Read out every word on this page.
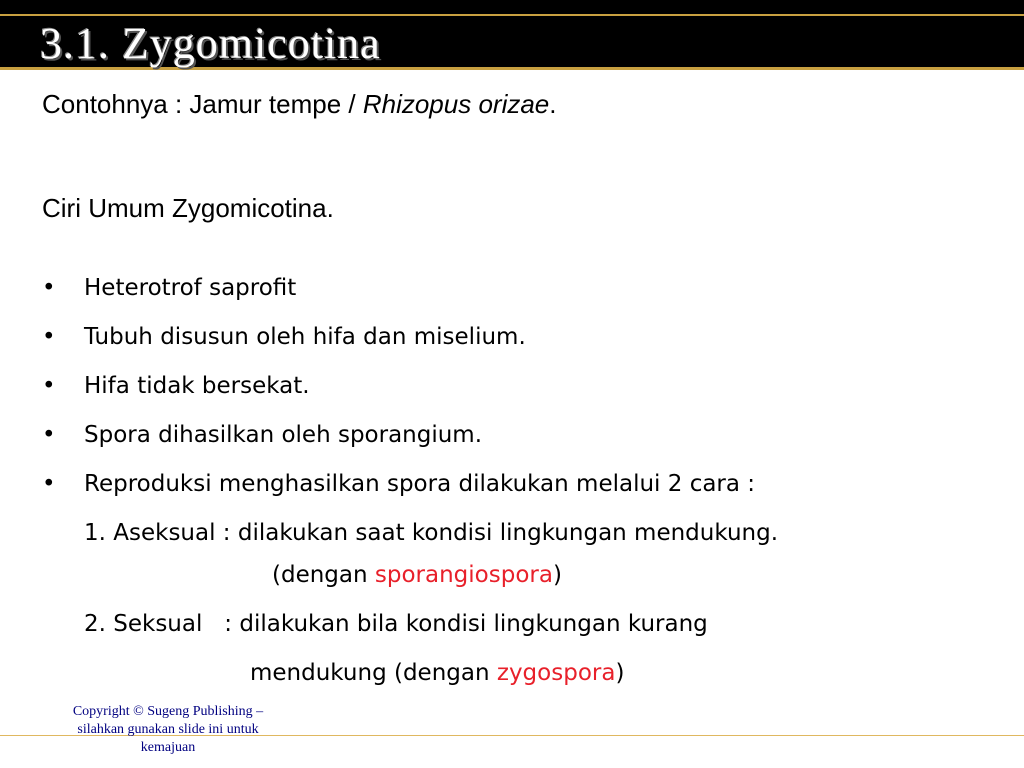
3.1. Zygomicotina
Contohnya : Jamur tempe / Rhizopus orizae.
Ciri Umum Zygomicotina.
• Heterotrof saprofit
• Tubuh disusun oleh hifa dan miselium.
• Hifa tidak bersekat.
• Spora dihasilkan oleh sporangium.
• Reproduksi menghasilkan spora dilakukan melalui 2 cara :
1. Aseksual : dilakukan saat kondisi lingkungan mendukung.
(dengan sporangiospora)
2. Seksual   : dilakukan bila kondisi lingkungan kurang
mendukung (dengan zygospora)
Copyright © Sugeng Publishing – silahkan gunakan slide ini untuk kemajuan
